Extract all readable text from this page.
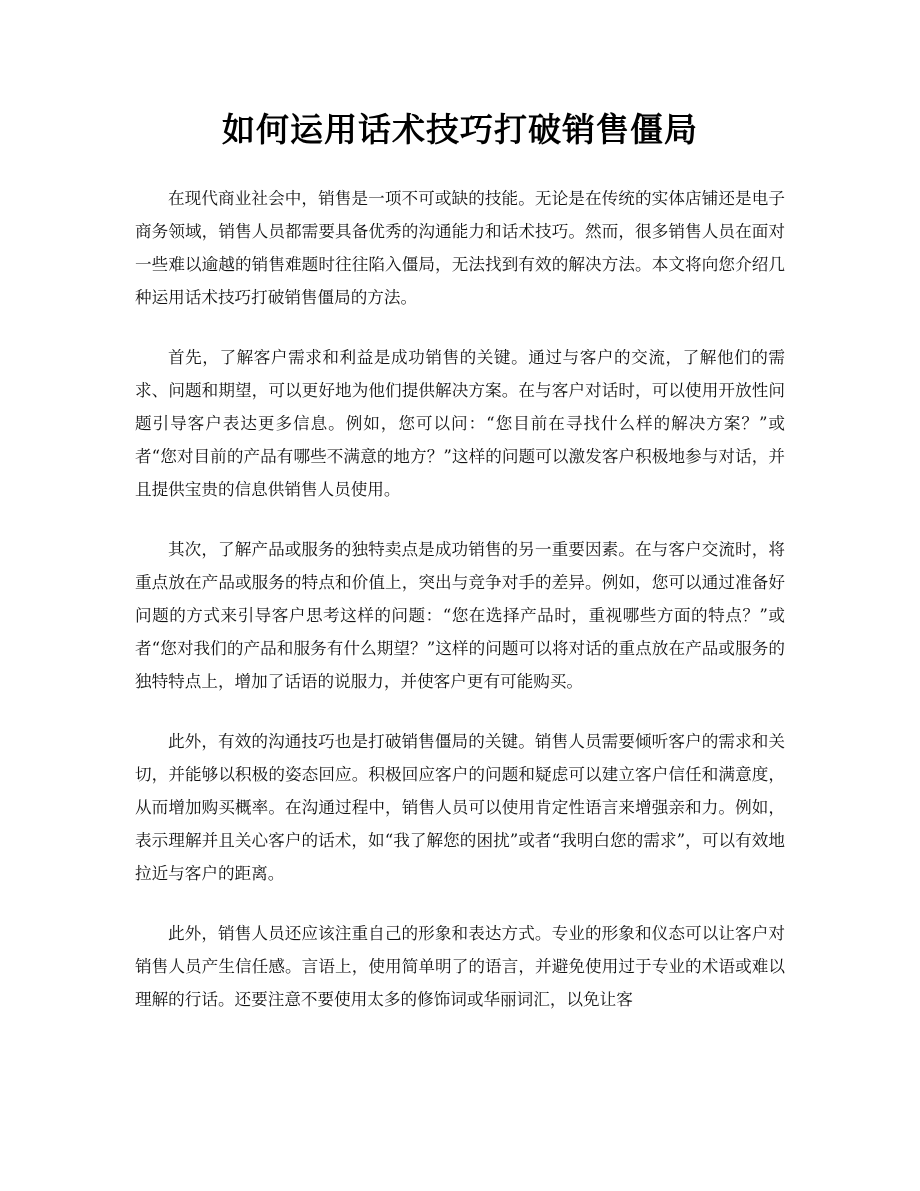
如何运用话术技巧打破销售僵局

在现代商业社会中，销售是一项不可或缺的技能。无论是在传统的实体店铺还是电子商务领域，销售人员都需要具备优秀的沟通能力和话术技巧。然而，很多销售人员在面对一些难以逾越的销售难题时往往陷入僵局，无法找到有效的解决方法。本文将向您介绍几种运用话术技巧打破销售僵局的方法。

首先，了解客户需求和利益是成功销售的关键。通过与客户的交流，了解他们的需求、问题和期望，可以更好地为他们提供解决方案。在与客户对话时，可以使用开放性问题引导客户表达更多信息。例如，您可以问：“您目前在寻找什么样的解决方案？”或者“您对目前的产品有哪些不满意的地方？”这样的问题可以激发客户积极地参与对话，并且提供宝贵的信息供销售人员使用。

其次，了解产品或服务的独特卖点是成功销售的另一重要因素。在与客户交流时，将重点放在产品或服务的特点和价值上，突出与竞争对手的差异。例如，您可以通过准备好问题的方式来引导客户思考这样的问题：“您在选择产品时，重视哪些方面的特点？”或者“您对我们的产品和服务有什么期望？”这样的问题可以将对话的重点放在产品或服务的独特特点上，增加了话语的说服力，并使客户更有可能购买。

此外，有效的沟通技巧也是打破销售僵局的关键。销售人员需要倾听客户的需求和关切，并能够以积极的姿态回应。积极回应客户的问题和疑虑可以建立客户信任和满意度，从而增加购买概率。在沟通过程中，销售人员可以使用肯定性语言来增强亲和力。例如，表示理解并且关心客户的话术，如“我了解您的困扰”或者“我明白您的需求”，可以有效地拉近与客户的距离。

此外，销售人员还应该注重自己的形象和表达方式。专业的形象和仪态可以让客户对销售人员产生信任感。言语上，使用简单明了的语言，并避免使用过于专业的术语或难以理解的行话。还要注意不要使用太多的修饰词或华丽词汇，以免让客
